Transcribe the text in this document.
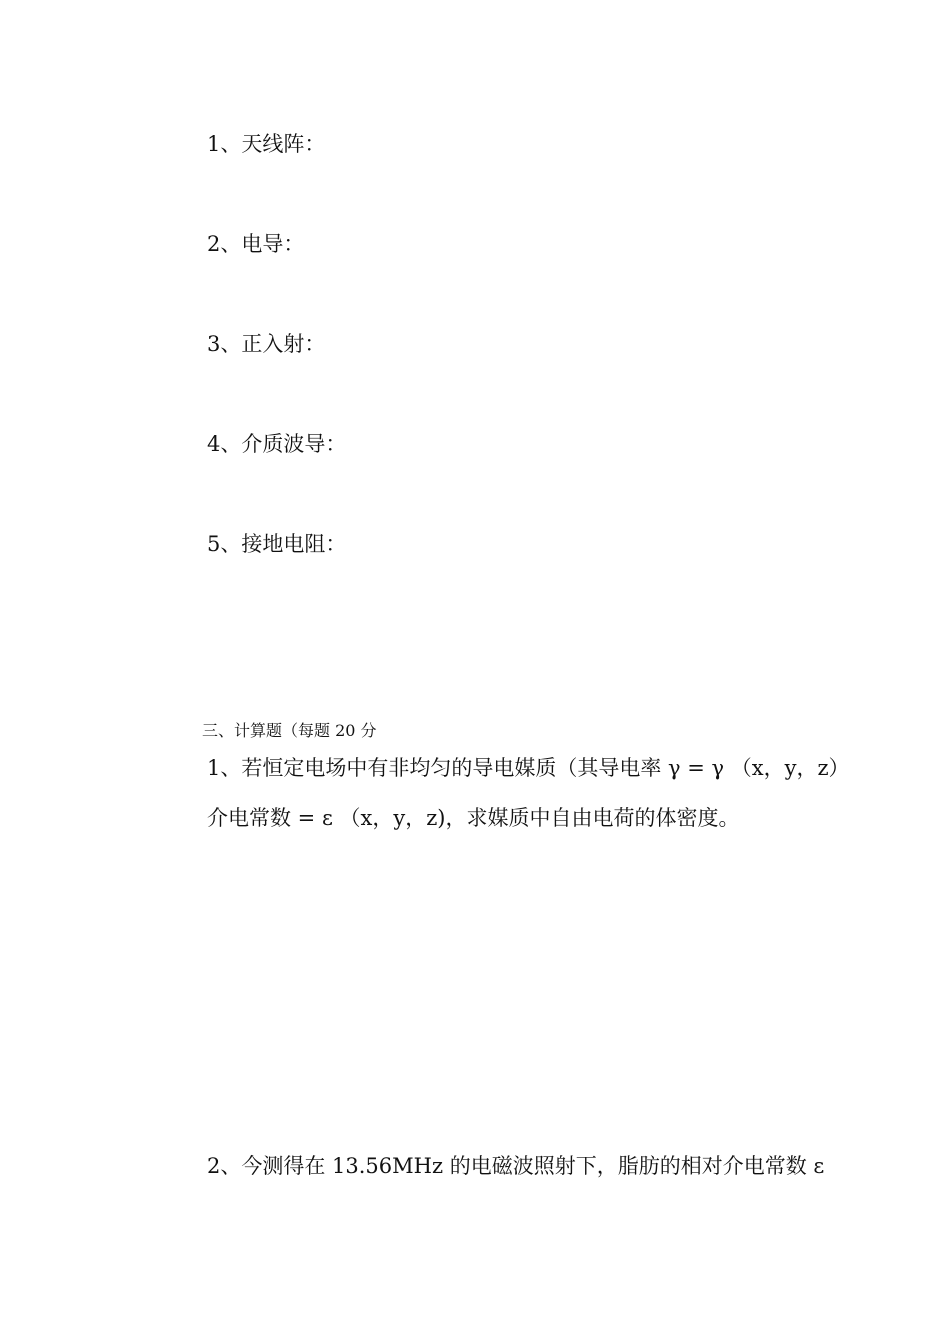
1、天线阵：
2、电导：
3、正入射：
4、介质波导：
5、接地电阻：
三、计算题（每题 20 分
1、若恒定电场中有非均匀的导电媒质（其导电率 γ = γ （x，y，z）
介电常数 = ε （x，y，z)，求媒质中自由电荷的体密度。
2、今测得在 13.56MHz 的电磁波照射下，脂肪的相对介电常数 ε
